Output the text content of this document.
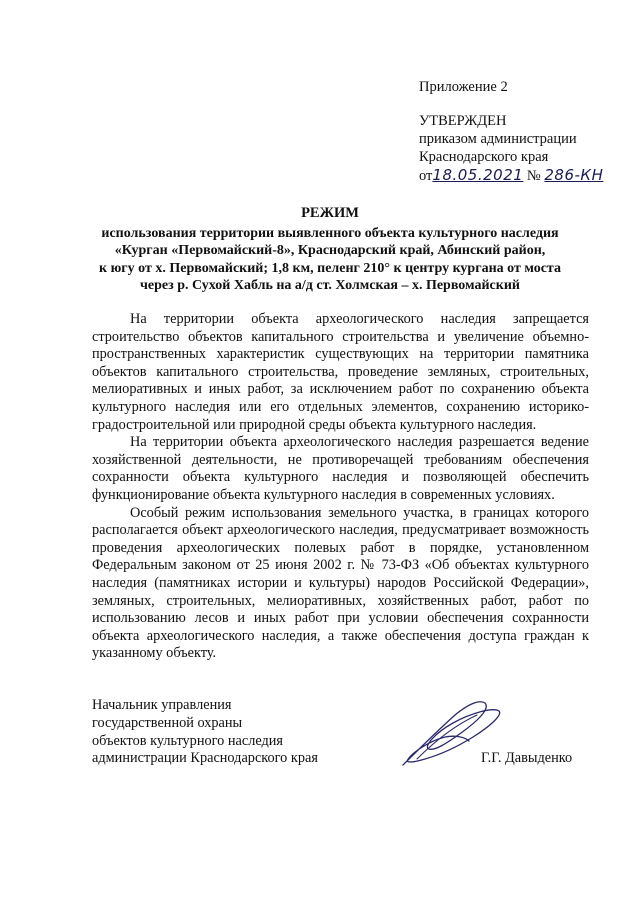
Приложение 2
УТВЕРЖДЕН
приказом администрации
Краснодарского края
от18.05.2021 № 286-КН
РЕЖИМ
использования территории выявленного объекта культурного наследия
«Курган «Первомайский-8», Краснодарский край, Абинский район,
к югу от х. Первомайский; 1,8 км, пеленг 210° к центру кургана от моста
через р. Сухой Хабль на а/д ст. Холмская – х. Первомайский

На территории объекта археологического наследия запрещается строительство объектов капитального строительства и увеличение объемно-пространственных характеристик существующих на территории памятника объектов капитального строительства, проведение земляных, строительных, мелиоративных и иных работ, за исключением работ по сохранению объекта культурного наследия или его отдельных элементов, сохранению историко-градостроительной или природной среды объекта культурного наследия.

На территории объекта археологического наследия разрешается ведение хозяйственной деятельности, не противоречащей требованиям обеспечения сохранности объекта культурного наследия и позволяющей обеспечить функционирование объекта культурного наследия в современных условиях.

Особый режим использования земельного участка, в границах которого располагается объект археологического наследия, предусматривает возможность проведения археологических полевых работ в порядке, установленном Федеральным законом от 25 июня 2002 г. № 73-ФЗ «Об объектах культурного наследия (памятниках истории и культуры) народов Российской Федерации», земляных, строительных, мелиоративных, хозяйственных работ, работ по использованию лесов и иных работ при условии обеспечения сохранности объекта археологического наследия, а также обеспечения доступа граждан к указанному объекту.

Начальник управления
государственной охраны
объектов культурного наследия
администрации Краснодарского края	Г.Г. Давыденко
